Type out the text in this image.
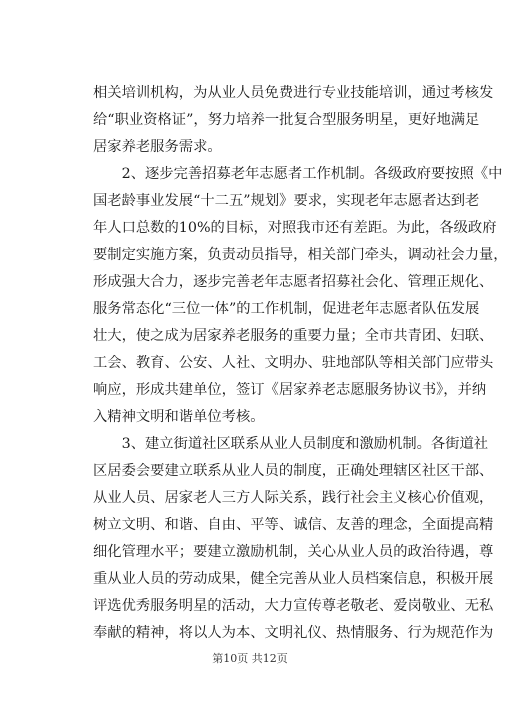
相关培训机构，为从业人员免费进行专业技能培训，通过考核发
给“职业资格证”，努力培养一批复合型服务明星，更好地满足
居家养老服务需求。
2、逐步完善招募老年志愿者工作机制。各级政府要按照《中
国老龄事业发展“十二五”规划》要求，实现老年志愿者达到老
年人口总数的10%的目标，对照我市还有差距。为此，各级政府
要制定实施方案，负责动员指导，相关部门牵头，调动社会力量，
形成强大合力，逐步完善老年志愿者招募社会化、管理正规化、
服务常态化“三位一体”的工作机制，促进老年志愿者队伍发展
壮大，使之成为居家养老服务的重要力量；全市共青团、妇联、
工会、教育、公安、人社、文明办、驻地部队等相关部门应带头
响应，形成共建单位，签订《居家养老志愿服务协议书》，并纳
入精神文明和谐单位考核。
3、建立街道社区联系从业人员制度和激励机制。各街道社
区居委会要建立联系从业人员的制度，正确处理辖区社区干部、
从业人员、居家老人三方人际关系，践行社会主义核心价值观，
树立文明、和谐、自由、平等、诚信、友善的理念，全面提高精
细化管理水平；要建立激励机制，关心从业人员的政治待遇，尊
重从业人员的劳动成果，健全完善从业人员档案信息，积极开展
评选优秀服务明星的活动，大力宣传尊老敬老、爱岗敬业、无私
奉献的精神，将以人为本、文明礼仪、热情服务、行为规范作为
第10页 共12页
